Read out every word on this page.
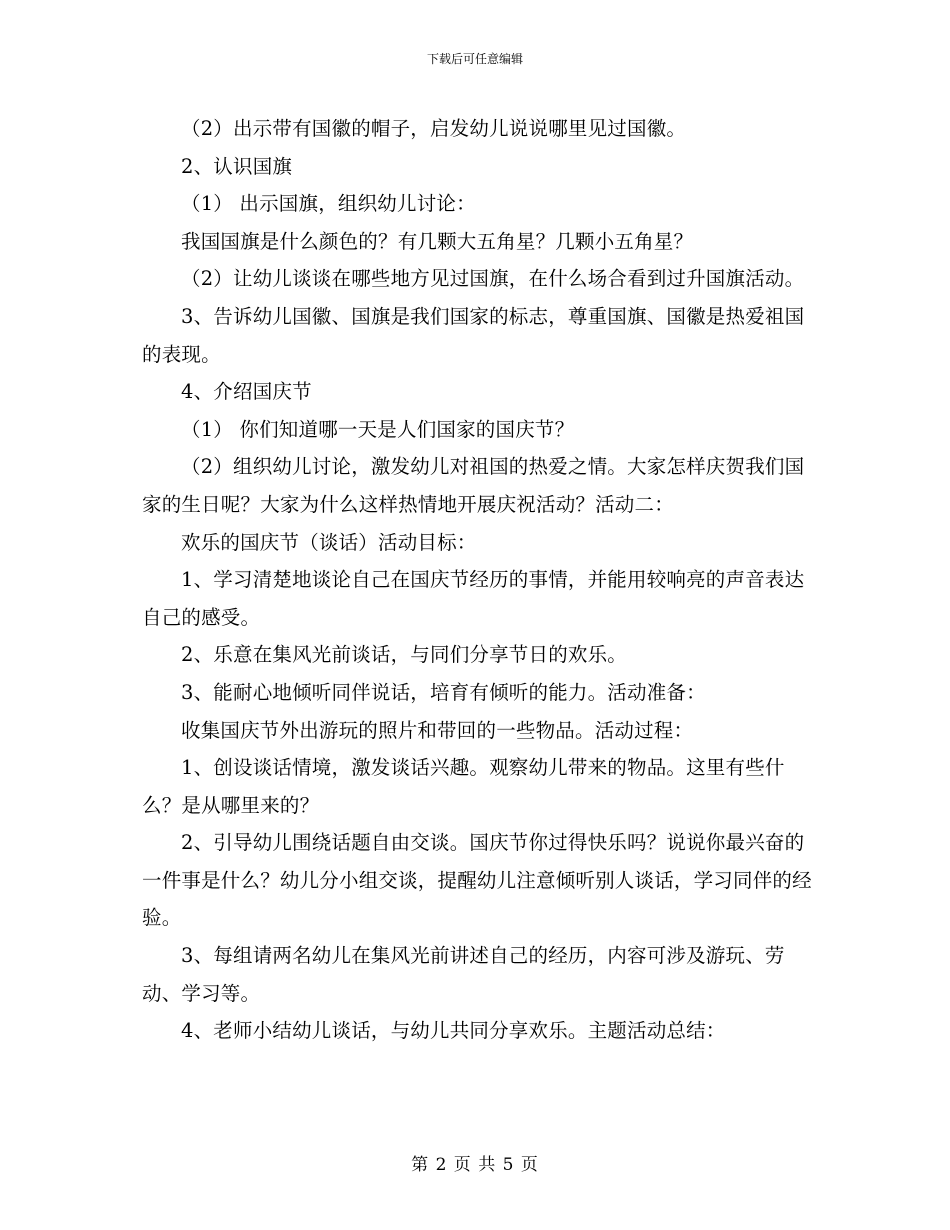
下载后可任意编辑

（2）出示带有国徽的帽子，启发幼儿说说哪里见过国徽。

2、认识国旗

（1） 出示国旗，组织幼儿讨论：

我国国旗是什么颜色的？有几颗大五角星？几颗小五角星？

（2）让幼儿谈谈在哪些地方见过国旗，在什么场合看到过升国旗活动。

3、告诉幼儿国徽、国旗是我们国家的标志，尊重国旗、国徽是热爱祖国的表现。

4、介绍国庆节

（1） 你们知道哪一天是人们国家的国庆节？

（2）组织幼儿讨论，激发幼儿对祖国的热爱之情。大家怎样庆贺我们国家的生日呢？大家为什么这样热情地开展庆祝活动？活动二：

欢乐的国庆节（谈话）活动目标：

1、学习清楚地谈论自己在国庆节经历的事情，并能用较响亮的声音表达自己的感受。

2、乐意在集风光前谈话，与同们分享节日的欢乐。

3、能耐心地倾听同伴说话，培育有倾听的能力。活动准备：

收集国庆节外出游玩的照片和带回的一些物品。活动过程：

1、创设谈话情境，激发谈话兴趣。观察幼儿带来的物品。这里有些什么？是从哪里来的？

2、引导幼儿围绕话题自由交谈。国庆节你过得快乐吗？说说你最兴奋的一件事是什么？幼儿分小组交谈，提醒幼儿注意倾听别人谈话，学习同伴的经验。

3、每组请两名幼儿在集风光前讲述自己的经历，内容可涉及游玩、劳动、学习等。

4、老师小结幼儿谈话，与幼儿共同分享欢乐。主题活动总结：

第 2 页 共 5 页
